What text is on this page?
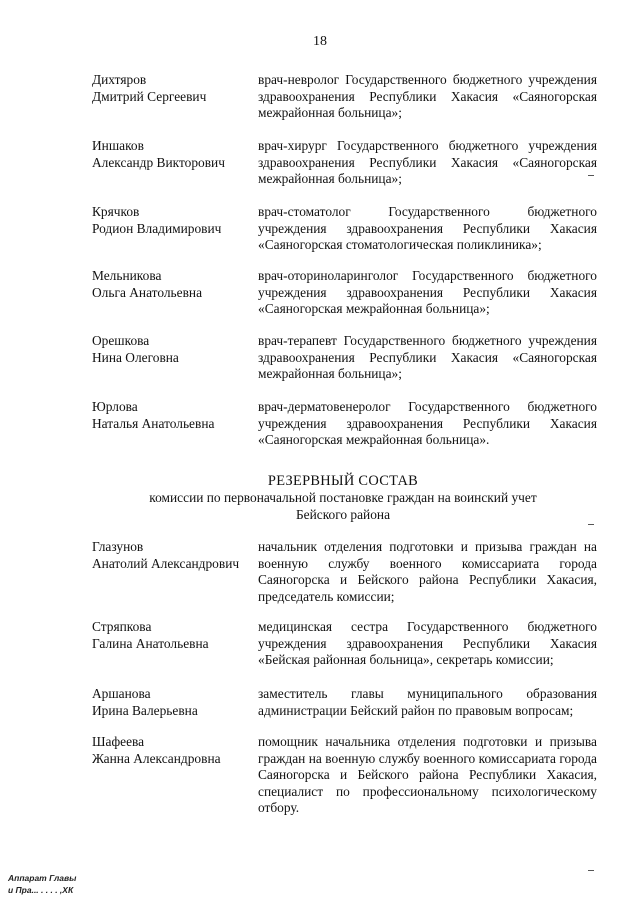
18
Дихтяров
Дмитрий Сергеевич
врач-невролог Государственного бюджетного учреждения здравоохранения Республики Хакасия «Саяногорская межрайонная больница»;
Иншаков
Александр Викторович
врач-хирург Государственного бюджетного учреждения здравоохранения Республики Хакасия «Саяногорская межрайонная больница»;
Крячков
Родион Владимирович
врач-стоматолог Государственного бюджетного учреждения здравоохранения Республики Хакасия «Саяногорская стоматологическая поликлиника»;
Мельникова
Ольга Анатольевна
врач-оториноларинголог Государственного бюджетного учреждения здравоохранения Республики Хакасия «Саяногорская межрайонная больница»;
Орешкова
Нина Олеговна
врач-терапевт Государственного бюджетного учреждения здравоохранения Республики Хакасия «Саяногорская межрайонная больница»;
Юрлова
Наталья Анатольевна
врач-дерматовенеролог Государственного бюджетного учреждения здравоохранения Республики Хакасия «Саяногорская межрайонная больница».
РЕЗЕРВНЫЙ СОСТАВ
комиссии по первоначальной постановке граждан на воинский учет
Бейского района
Глазунов
Анатолий Александрович
начальник отделения подготовки и призыва граждан на военную службу военного комиссариата города Саяногорска и Бейского района Республики Хакасия, председатель комиссии;
Стряпкова
Галина Анатольевна
медицинская сестра Государственного бюджетного учреждения здравоохранения Республики Хакасия «Бейская районная больница», секретарь комиссии;
Аршанова
Ирина Валерьевна
заместитель главы муниципального образования администрации Бейский район по правовым вопросам;
Шафеева
Жанна Александровна
помощник начальника отделения подготовки и призыва граждан на военную службу военного комиссариата города Саяногорска и Бейского района Республики Хакасия, специалист по профессиональному психологическому отбору.
Аппарат Главы
и Пра... . . . . ,ХК
